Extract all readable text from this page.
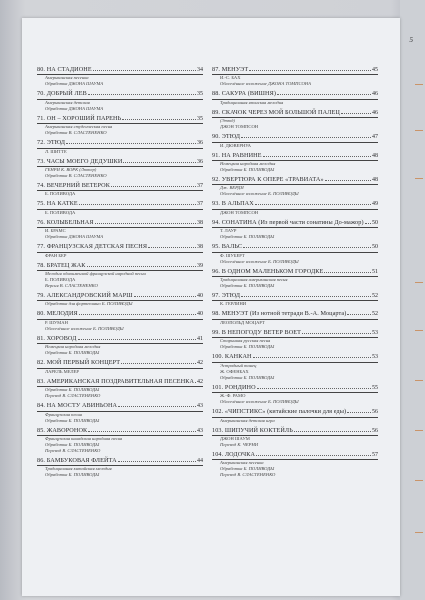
5
80. НА СТАДИОНЕ	34
Американская песенка
Обработка ДЖОНА ШАУМА
70. ДОБРЫЙ ЛЕВ	35
Американская детская
Обработка ДЖОНА ШАУМА
71. ОН – ХОРОШИЙ ПАРЕНЬ	35
Американская студенческая песня
Обработка В. СЛАСТЕНЕНКО
72. ЭТЮД	36
Л. ШИТТЕ
73. ЧАСЫ МОЕГО ДЕДУШКИ	36
ГЕНРИ К. ВОРК (Лютер)
Обработка В. СЛАСТЕНЕНКО
74. ВЕЧЕРНИЙ ВЕТЕРОК	37
Б. ПОЛИВОДА
75. НА КАТКЕ	37
Б. ПОЛИВОДА
76. КОЛЫБЕЛЬНАЯ	38
И. БРАМС
Обработка ДЖОНА ШАУМА
77. ФРАНЦУЗСКАЯ ДЕТСКАЯ ПЕСНЯ	38
ФРАН БЕР
78. БРАТЕЦ ЖАК	39
Мелодия одноименной французской народной песни
Б. ПОЛИВОДА
Версия В. СЛАСТЕНЕНКО
79. АЛЕКСАНДРОВСКИЙ МАРШ	40
Обработка для фортепиано Б. ПОЛИВОДЫ
80. МЕЛОДИЯ	40
Р. ШУМАН
Облегчённое изложение Б. ПОЛИВОДЫ
81. ХОРОВОД	41
Немецкая народная мелодия
Обработка Б. ПОЛИВОДЫ
82. МОЙ ПЕРВЫЙ КОНЦЕРТ	42
ЛАРЕЛЬ МЕЛЕР
83. АМЕРИКАНСКАЯ ПОЗДРАВИТЕЛЬНАЯ ПЕСЕНКА 42
Обработка Б. ПОЛИВОДЫ
Перевод В. СЛАСТЕНЕНКО
84. НА МОСТУ АВИНЬОНА	43
Французская песня
Обработка Б. ПОЛИВОДЫ
85. ЖАВОРОНОК	43
Французская канадская народная песня
Обработка Б. ПОЛИВОДЫ
Перевод В. СЛАСТЕНЕНКО
86. БАМБУКОВАЯ ФЛЕЙТА	44
Традиционная китайская мелодия
Обработка Б. ПОЛИВОДЫ
87. МЕНУЭТ	45
И.-С. БАХ
Облегчённое изложение ДЖОНА ТОМПСОНА
88. САКУРА (ВИШНЯ)	46
Традиционная японская мелодия
89. СКАЧОК ЧЕРЕЗ МОЙ БОЛЬШОЙ ПАЛЕЦ	46
(Этюд)
ДЖОН ТОМПСОН
90. ЭТЮД	47
И. ДЮВЕРНУА
91. НА РАВНИНЕ	48
Немецкая народная мелодия
Обработка Б. ПОЛИВОДЫ
92. УВЕРТЮРА К ОПЕРЕ «ТРАВИАТА»	48
Дж. ВЕРДИ
Облегчённое изложение Б. ПОЛИВОДЫ
93. В АЛЬПАХ	49
ДЖОН ТОМПСОН
94. СОНАТИНА (Из первой части сонатины До-мажор) 50
Т. ЛАУР
Обработка Б. ПОЛИВОДЫ
95. ВАЛЬС	50
Ф. ШУБЕРТ
Облегчённое изложение Б. ПОЛИВОДЫ
96. В ОДНОМ МАЛЕНЬКОМ ГОРОДКЕ	51
Традиционная американская песня
Обработка Б. ПОЛИВОДЫ
97. ЭТЮД	52
К. ГЕРЛИНИ
98. МЕНУЭТ (Из нотной тетради В.-А. Моцарта)	52
ЛЕОПОЛЬД МОЦАРТ
99. В НЕПОГОДУ ВЕТЕР ВОЕТ	53
Старинная русская песня
Обработка Б. ПОЛИВОДЫ
100. КАНКАН	53
Эстрадный танец
Ж. ОФЕНБАХ
Обработка Б. ПОЛИВОДЫ
101. РОНДИНО	55
Ж.-Ф. РАМО
Облегчённое изложение Б. ПОЛИВОДЫ
102. «ЧИПСТИКС» (китайские палочки для еды)	56
Американская детская игра
103. ШИПУЧИЙ КОКТЕЙЛЬ	56
ДЖОН ШАУМ
Перевод К. ЧЕРНИ
104. ЛОДОЧКА	57
Американская песенка
Обработка Б. ПОЛИВОДЫ
Перевод В. СЛАСТЕНЕНКО
